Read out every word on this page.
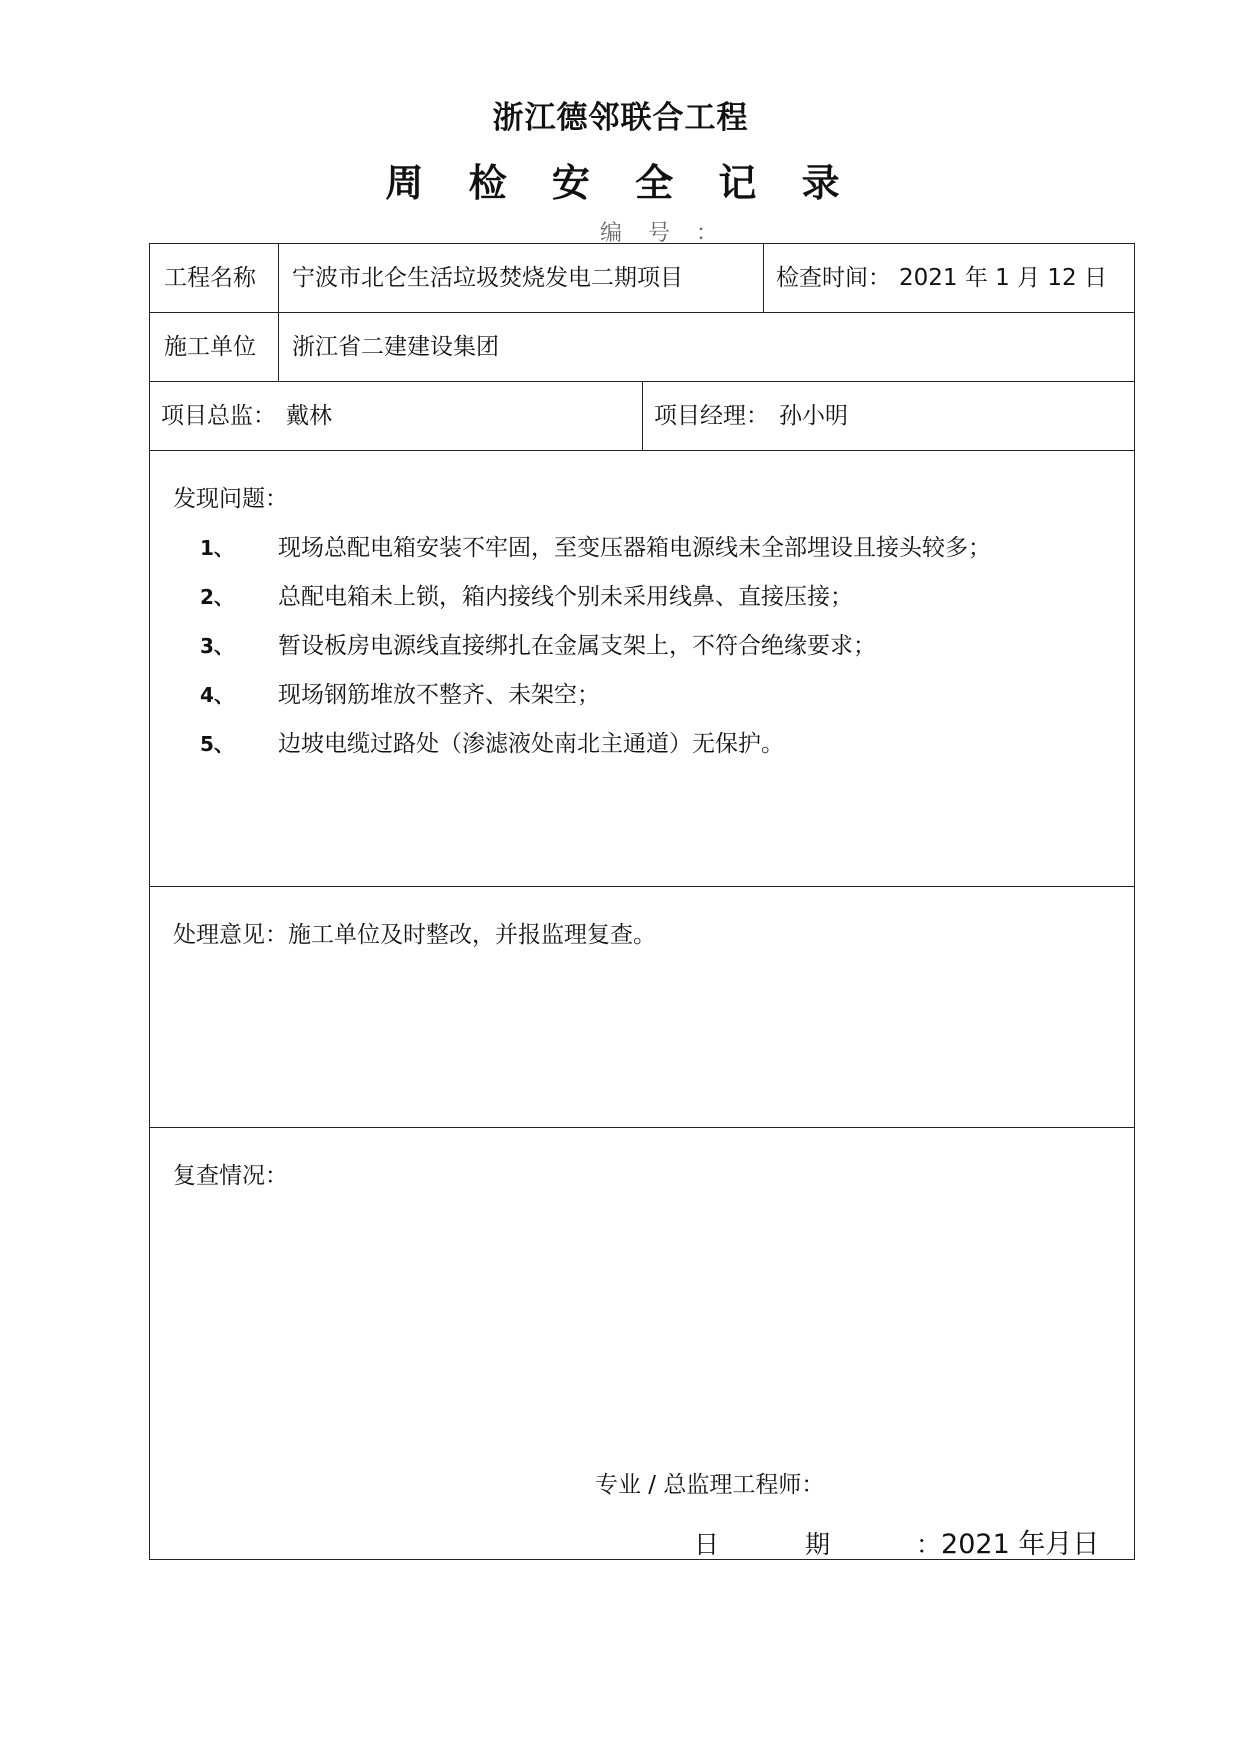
浙江德邻联合工程
周 检 安 全 记 录
编号：
工程名称 宁波市北仑生活垃圾焚烧发电二期项目	检查时间： 2021 年 1 月 12 日
施工单位 浙江省二建建设集团
项目总监： 戴林	项目经理： 孙小明
发现问题：
1、 现场总配电箱安装不牢固，至变压器箱电源线未全部埋设且接头较多；
2、 总配电箱未上锁，箱内接线个别未采用线鼻、直接压接；
3、 暂设板房电源线直接绑扎在金属支架上，不符合绝缘要求；
4、 现场钢筋堆放不整齐、未架空；
5、 边坡电缆过路处（渗滤液处南北主通道）无保护。
处理意见：施工单位及时整改，并报监理复查。
复查情况：
专业 / 总监理工程师：
日期：2021 年月日
